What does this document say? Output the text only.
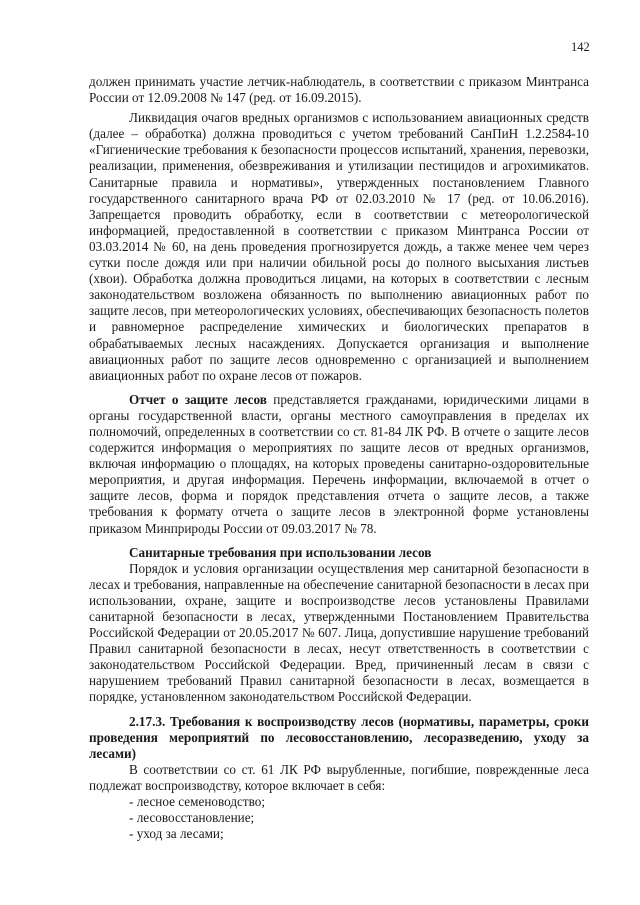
142

должен принимать участие летчик-наблюдатель, в соответствии с приказом Минтранса России от 12.09.2008 № 147 (ред. от 16.09.2015).

Ликвидация очагов вредных организмов с использованием авиационных средств (далее – обработка) должна проводиться с учетом требований СанПиН 1.2.2584-10 «Гигиенические требования к безопасности процессов испытаний, хранения, перевозки, реализации, применения, обезвреживания и утилизации пестицидов и агрохимикатов. Санитарные правила и нормативы», утвержденных постановлением Главного государственного санитарного врача РФ от 02.03.2010 № 17 (ред. от 10.06.2016). Запрещается проводить обработку, если в соответствии с метеорологической информацией, предоставленной в соответствии с приказом Минтранса России от 03.03.2014 № 60, на день проведения прогнозируется дождь, а также менее чем через сутки после дождя или при наличии обильной росы до полного высыхания листьев (хвои). Обработка должна проводиться лицами, на которых в соответствии с лесным законодательством возложена обязанность по выполнению авиационных работ по защите лесов, при метеорологических условиях, обеспечивающих безопасность полетов и равномерное распределение химических и биологических препаратов в обрабатываемых лесных насаждениях. Допускается организация и выполнение авиационных работ по защите лесов одновременно с организацией и выполнением авиационных работ по охране лесов от пожаров.

Отчет о защите лесов представляется гражданами, юридическими лицами в органы государственной власти, органы местного самоуправления в пределах их полномочий, определенных в соответствии со ст. 81-84 ЛК РФ. В отчете о защите лесов содержится информация о мероприятиях по защите лесов от вредных организмов, включая информацию о площадях, на которых проведены санитарно-оздоровительные мероприятия, и другая информация. Перечень информации, включаемой в отчет о защите лесов, форма и порядок представления отчета о защите лесов, а также требования к формату отчета о защите лесов в электронной форме установлены приказом Минприроды России от 09.03.2017 № 78.

Санитарные требования при использовании лесов

Порядок и условия организации осуществления мер санитарной безопасности в лесах и требования, направленные на обеспечение санитарной безопасности в лесах при использовании, охране, защите и воспроизводстве лесов установлены Правилами санитарной безопасности в лесах, утвержденными Постановлением Правительства Российской Федерации от 20.05.2017 № 607. Лица, допустившие нарушение требований Правил санитарной безопасности в лесах, несут ответственность в соответствии с законодательством Российской Федерации. Вред, причиненный лесам в связи с нарушением требований Правил санитарной безопасности в лесах, возмещается в порядке, установленном законодательством Российской Федерации.

2.17.3. Требования к воспроизводству лесов (нормативы, параметры, сроки проведения мероприятий по лесовосстановлению, лесоразведению, уходу за лесами)

В соответствии со ст. 61 ЛК РФ вырубленные, погибшие, поврежденные леса подлежат воспроизводству, которое включает в себя:

- лесное семеноводство;

- лесовосстановление;

- уход за лесами;
